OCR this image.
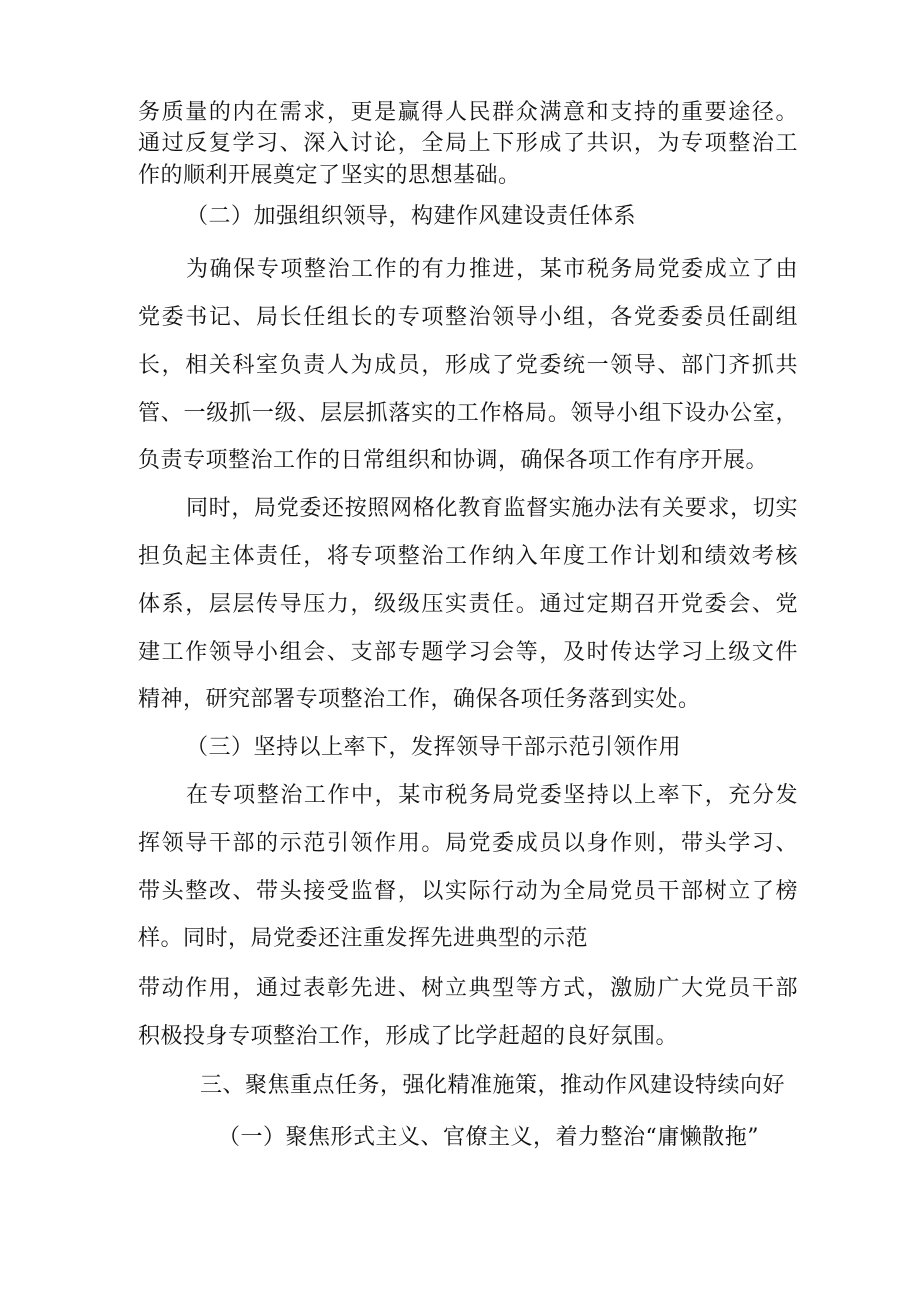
务质量的内在需求，更是赢得人民群众满意和支持的重要途径。
通过反复学习、深入讨论，全局上下形成了共识，为专项整治工
作的顺利开展奠定了坚实的思想基础。
（二）加强组织领导，构建作风建设责任体系
为确保专项整治工作的有力推进，某市税务局党委成立了由
党委书记、局长任组长的专项整治领导小组，各党委委员任副组
长，相关科室负责人为成员，形成了党委统一领导、部门齐抓共
管、一级抓一级、层层抓落实的工作格局。领导小组下设办公室，
负责专项整治工作的日常组织和协调，确保各项工作有序开展。
同时，局党委还按照网格化教育监督实施办法有关要求，切实
担负起主体责任，将专项整治工作纳入年度工作计划和绩效考核
体系，层层传导压力，级级压实责任。通过定期召开党委会、党
建工作领导小组会、支部专题学习会等，及时传达学习上级文件
精神，研究部署专项整治工作，确保各项任务落到实处。
（三）坚持以上率下，发挥领导干部示范引领作用
在专项整治工作中，某市税务局党委坚持以上率下，充分发
挥领导干部的示范引领作用。局党委成员以身作则，带头学习、
带头整改、带头接受监督，以实际行动为全局党员干部树立了榜
样。同时，局党委还注重发挥先进典型的示范
带动作用，通过表彰先进、树立典型等方式，激励广大党员干部
积极投身专项整治工作，形成了比学赶超的良好氛围。
三、聚焦重点任务，强化精准施策，推动作风建设特续向好
（一）聚焦形式主义、官僚主义，着力整治“庸懒散拖”
